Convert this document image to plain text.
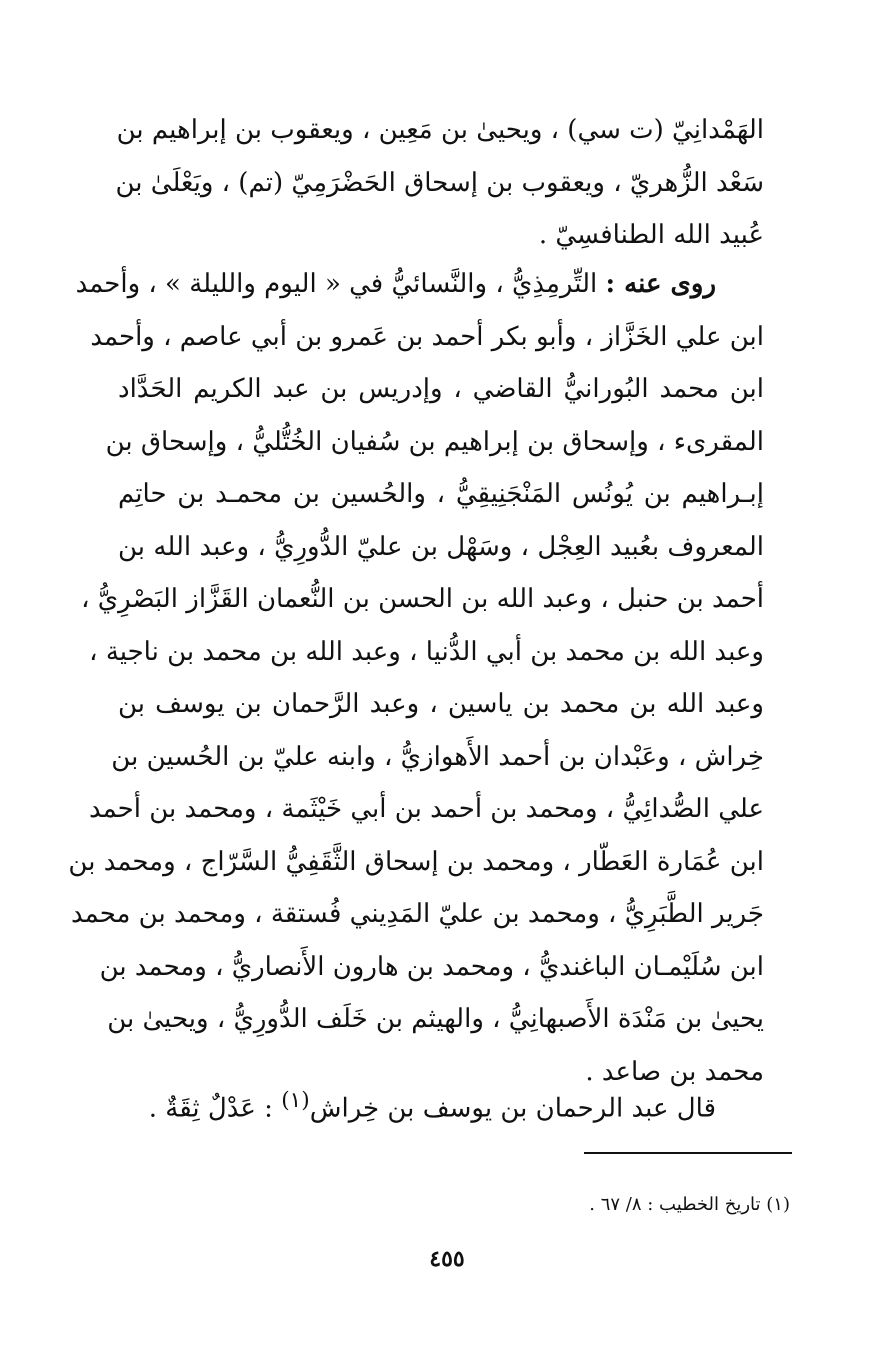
الهَمْدانِيّ (ت سي) ، ويحيىٰ بن مَعِين ، ويعقوب بن إبراهيم بن
سَعْد الزُّهريّ ، ويعقوب بن إسحاق الحَضْرَمِيّ (تم) ، ويَعْلَىٰ بن
عُبيد الله الطنافسِيّ .
روى عنه : التِّرمِذِيُّ ، والنَّسائيُّ في « اليوم والليلة » ، وأحمد
ابن علي الخَزَّاز ، وأبو بكر أحمد بن عَمرو بن أبي عاصم ، وأحمد
ابن محمد البُورانيُّ القاضي ، وإدريس بن عبد الكريم الحَدَّاد
المقرىء ، وإسحاق بن إبراهيم بن سُفيان الخُتُّليُّ ، وإسحاق بن
إبـراهيم بن يُونُس المَنْجَنِيقِيُّ ، والحُسين بن محمـد بن حاتِم
المعروف بعُبيد العِجْل ، وسَهْل بن عليّ الدُّورِيُّ ، وعبد الله بن
أحمد بن حنبل ، وعبد الله بن الحسن بن النُّعمان القَزَّاز البَصْرِيُّ ،
وعبد الله بن محمد بن أبي الدُّنيا ، وعبد الله بن محمد بن ناجية ،
وعبد الله بن محمد بن ياسين ، وعبد الرَّحمان بن يوسف بن
خِراش ، وعَبْدان بن أحمد الأَهوازيُّ ، وابنه عليّ بن الحُسين بن
علي الصُّدائِيُّ ، ومحمد بن أحمد بن أبي خَيْثَمة ، ومحمد بن أحمد
ابن عُمَارة العَطّار ، ومحمد بن إسحاق الثَّقَفِيُّ السَّرّاج ، ومحمد بن
جَرير الطَّبَرِيُّ ، ومحمد بن عليّ المَدِيني فُستقة ، ومحمد بن محمد
ابن سُلَيْمـان الباغنديُّ ، ومحمد بن هارون الأَنصاريُّ ، ومحمد بن
يحيىٰ بن مَنْدَة الأَصبهانِيُّ ، والهيثم بن خَلَف الدُّورِيُّ ، ويحيىٰ بن
محمد بن صاعد .
قال عبد الرحمان بن يوسف بن خِراش$^{(١)}$ : عَدْلٌ ثِقَةٌ .
(١) تاريخ الخطيب : ٨/ ٦٧ .
٤٥٥
